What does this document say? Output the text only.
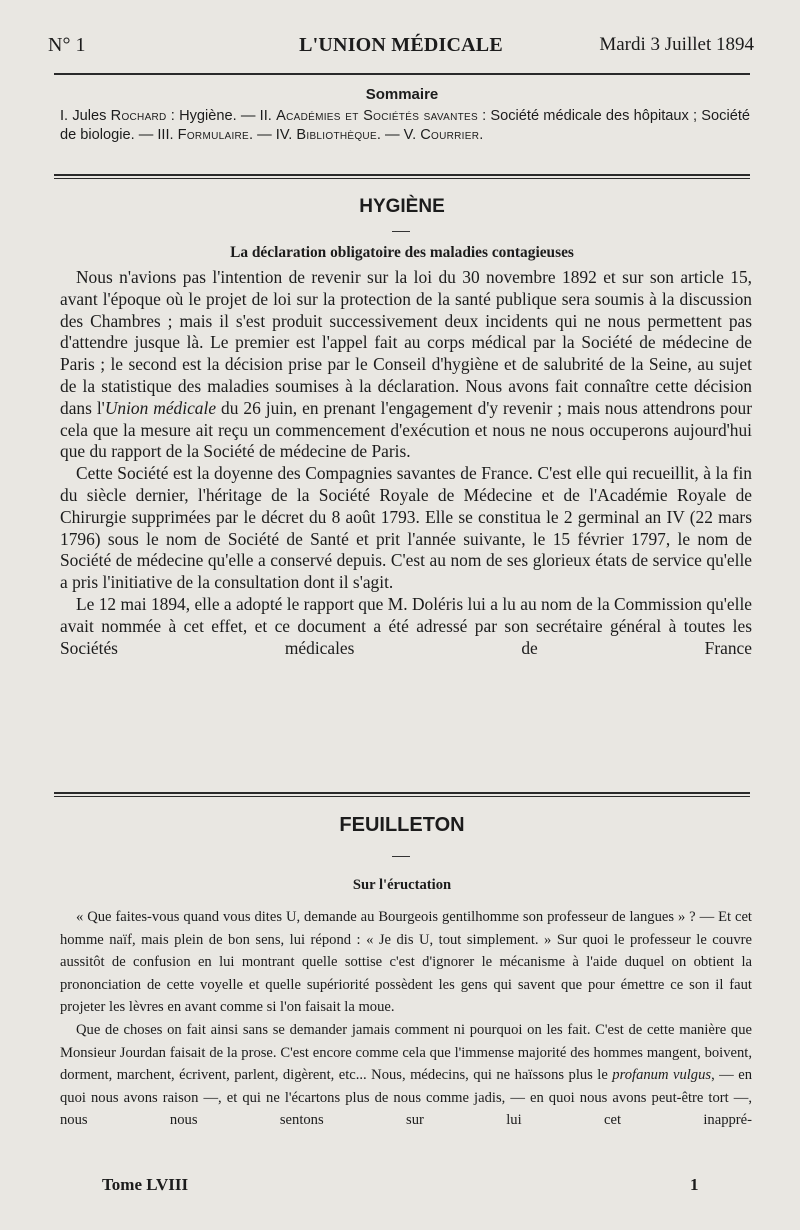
N° 1	L'UNION MÉDICALE	Mardi 3 Juillet 1894
Sommaire
I. Jules Rochard : Hygiène. — II. Académies et Sociétés savantes : Société médicale des hôpitaux ; Société de biologie. — III. Formulaire. — IV. Bibliothèque. — V. Courrier.
HYGIÈNE
La déclaration obligatoire des maladies contagieuses

Nous n'avions pas l'intention de revenir sur la loi du 30 novembre 1892 et sur son article 15, avant l'époque où le projet de loi sur la protection de la santé publique sera soumis à la discussion des Chambres ; mais il s'est produit successivement deux incidents qui ne nous permettent pas d'attendre jusque là. Le premier est l'appel fait au corps médical par la Société de médecine de Paris ; le second est la décision prise par le Conseil d'hygiène et de salubrité de la Seine, au sujet de la statistique des maladies soumises à la déclaration. Nous avons fait connaître cette décision dans l'Union médicale du 26 juin, en prenant l'engagement d'y revenir ; mais nous attendrons pour cela que la mesure ait reçu un commencement d'exécution et nous ne nous occuperons aujourd'hui que du rapport de la Société de médecine de Paris.

Cette Société est la doyenne des Compagnies savantes de France. C'est elle qui recueillit, à la fin du siècle dernier, l'héritage de la Société Royale de Médecine et de l'Académie Royale de Chirurgie supprimées par le décret du 8 août 1793. Elle se constitua le 2 germinal an IV (22 mars 1796) sous le nom de Société de Santé et prit l'année suivante, le 15 février 1797, le nom de Société de médecine qu'elle a conservé depuis. C'est au nom de ses glorieux états de service qu'elle a pris l'initiative de la consultation dont il s'agit.

Le 12 mai 1894, elle a adopté le rapport que M. Doléris lui a lu au nom de la Commission qu'elle avait nommée à cet effet, et ce document a été adressé par son secrétaire général à toutes les Sociétés médicales de France

FEUILLETON
Sur l'éructation

« Que faites-vous quand vous dites U, demande au Bourgeois gentilhomme son professeur de langues » ? — Et cet homme naïf, mais plein de bon sens, lui répond : « Je dis U, tout simplement. » Sur quoi le professeur le couvre aussitôt de confusion en lui montrant quelle sottise c'est d'ignorer le mécanisme à l'aide duquel on obtient la prononciation de cette voyelle et quelle supériorité possèdent les gens qui savent que pour émettre ce son il faut projeter les lèvres en avant comme si l'on faisait la moue.

Que de choses on fait ainsi sans se demander jamais comment ni pourquoi on les fait. C'est de cette manière que Monsieur Jourdan faisait de la prose. C'est encore comme cela que l'immense majorité des hommes mangent, boivent, dorment, marchent, écrivent, parlent, digèrent, etc... Nous, médecins, qui ne haïssons plus le profanum vulgus, — en quoi nous avons raison —, et qui ne l'écartons plus de nous comme jadis, — en quoi nous avons peut-être tort —, nous nous sentons sur lui cet inappré-

Tome LVIII	1
